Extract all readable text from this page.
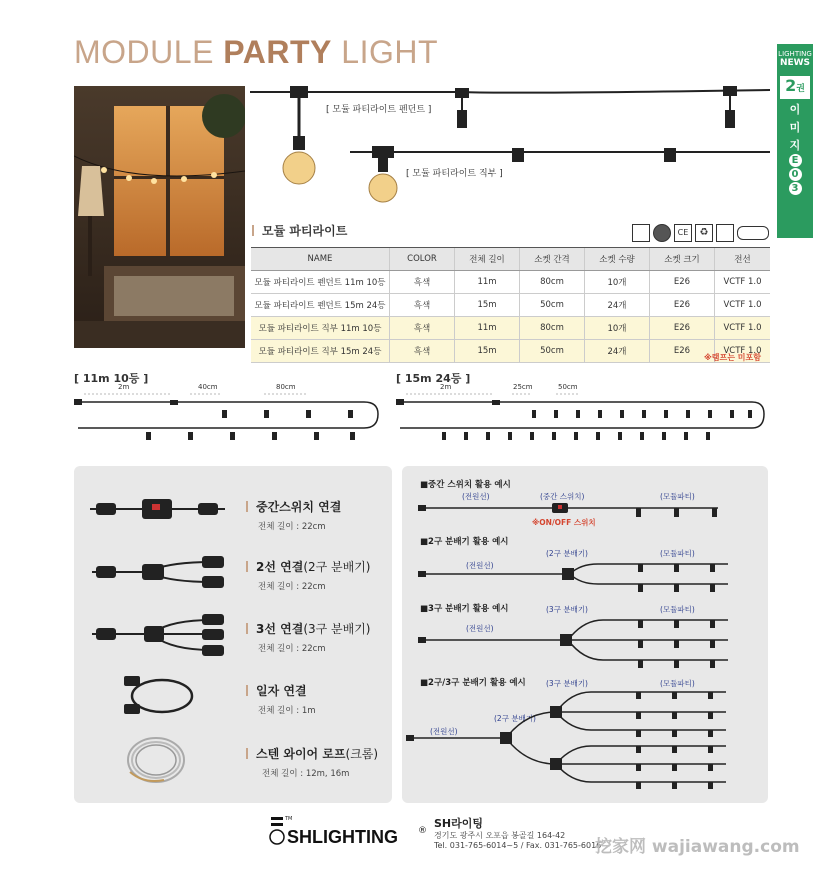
MODULE PARTY LIGHT	LIGHTING
NEWS
2권
이
미
지
E
0
3
[ 모듈 파티라이트 펜던트 ]
[ 모듈 파티라이트 직부 ]
CE	♻
모듈 파티라이트
NAME	COLOR	전체 길이	소켓 간격	소켓 수량	소켓 크기	전선
모듈 파티라이트 펜던트 11m 10등	흑색	11m	80cm	10개	E26	VCTF 1.0
모듈 파티라이트 펜던트 15m 24등	흑색	15m	50cm	24개	E26	VCTF 1.0
모듈 파티라이트 직부 11m 10등	흑색	11m	80cm	10개	E26	VCTF 1.0
모듈 파티라이트 직부 15m 24등	흑색	15m	50cm	24개	E26	VCTF 1.0
※램프는 미포함
[ 11m 10등 ]
2m	40cm	80cm
[ 15m 24등 ]
2m	25cm	50cm
중간스위치 연결
전체 길이 : 22cm
2선 연결(2구 분배기)
전체 길이 : 22cm
3선 연결(3구 분배기)
전체 길이 : 22cm
일자 연결
전체 길이 : 1m
스텐 와이어 로프(크롬)
전체 길이 : 12m, 16m
■중간 스위치 활용 예시
(전원선)	(중간 스위치)	(모듈파티)
※ON/OFF 스위치
■2구 분배기 활용 예시
(2구 분배기)	(모듈파티)
(전원선)
■3구 분배기 활용 예시	(3구 분배기)	(모듈파티)
(전원선)
■2구/3구 분배기 활용 예시	(3구 분배기)	(모듈파티)
(2구 분배기)
(전원선)
TM
SHLIGHTING ®
SH라이팅
경기도 광주시 오포읍 봉골길 164-42
Tel. 031-765-6014~5 / Fax. 031-765-6016
挖家网 wajiawang.com
